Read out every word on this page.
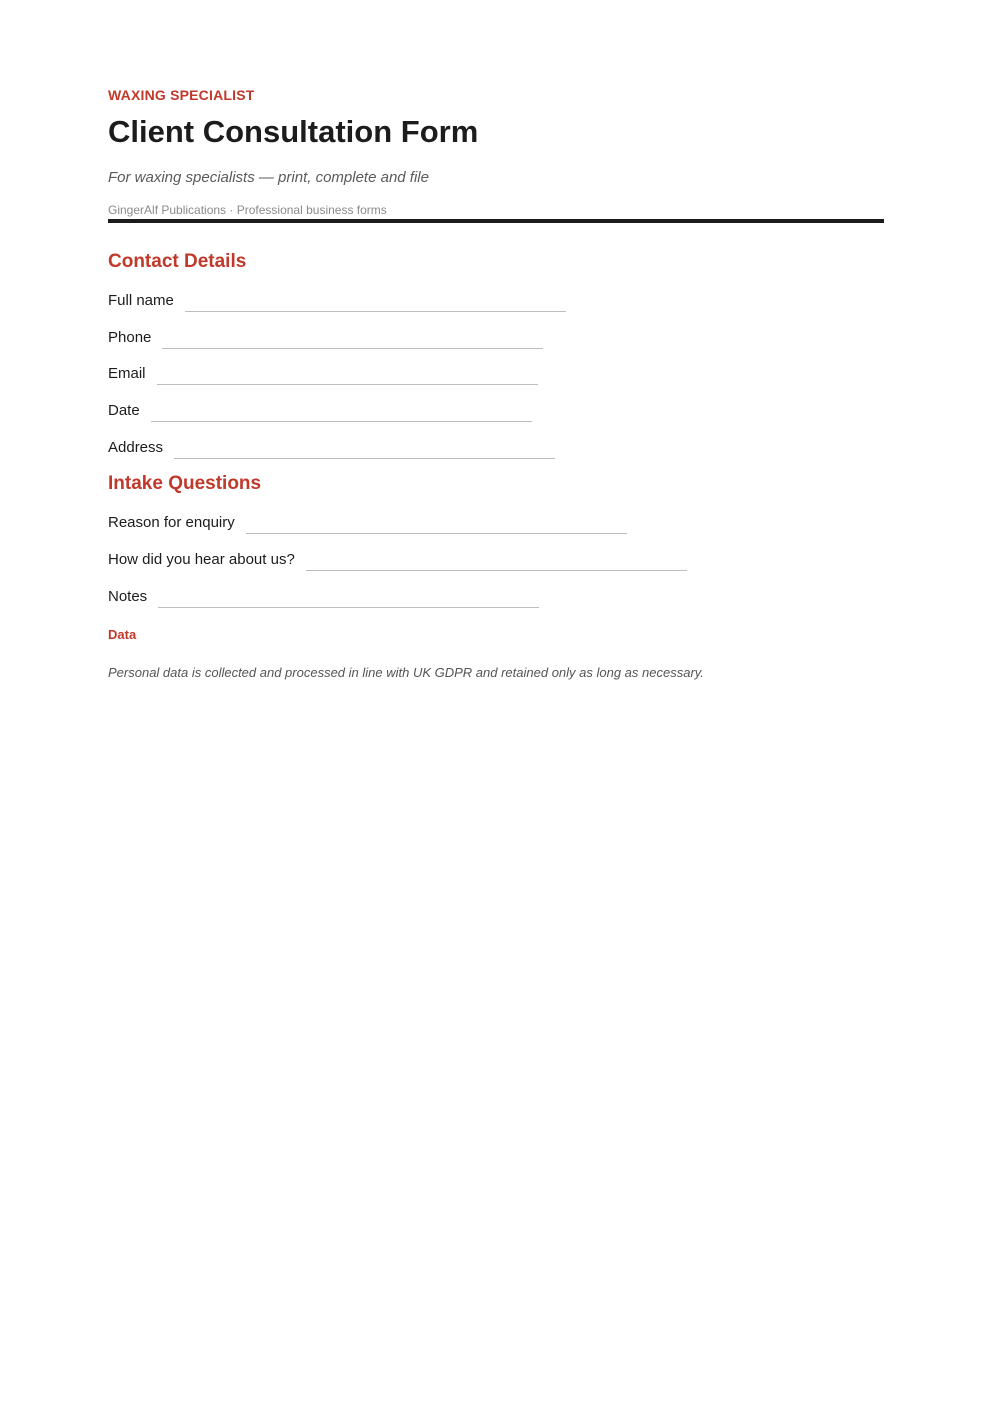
WAXING SPECIALIST
Client Consultation Form
For waxing specialists — print, complete and file
GingerAlf Publications · Professional business forms
Contact Details
Full name
Phone
Email
Date
Address
Intake Questions
Reason for enquiry
How did you hear about us?
Notes
Data
Personal data is collected and processed in line with UK GDPR and retained only as long as necessary.
